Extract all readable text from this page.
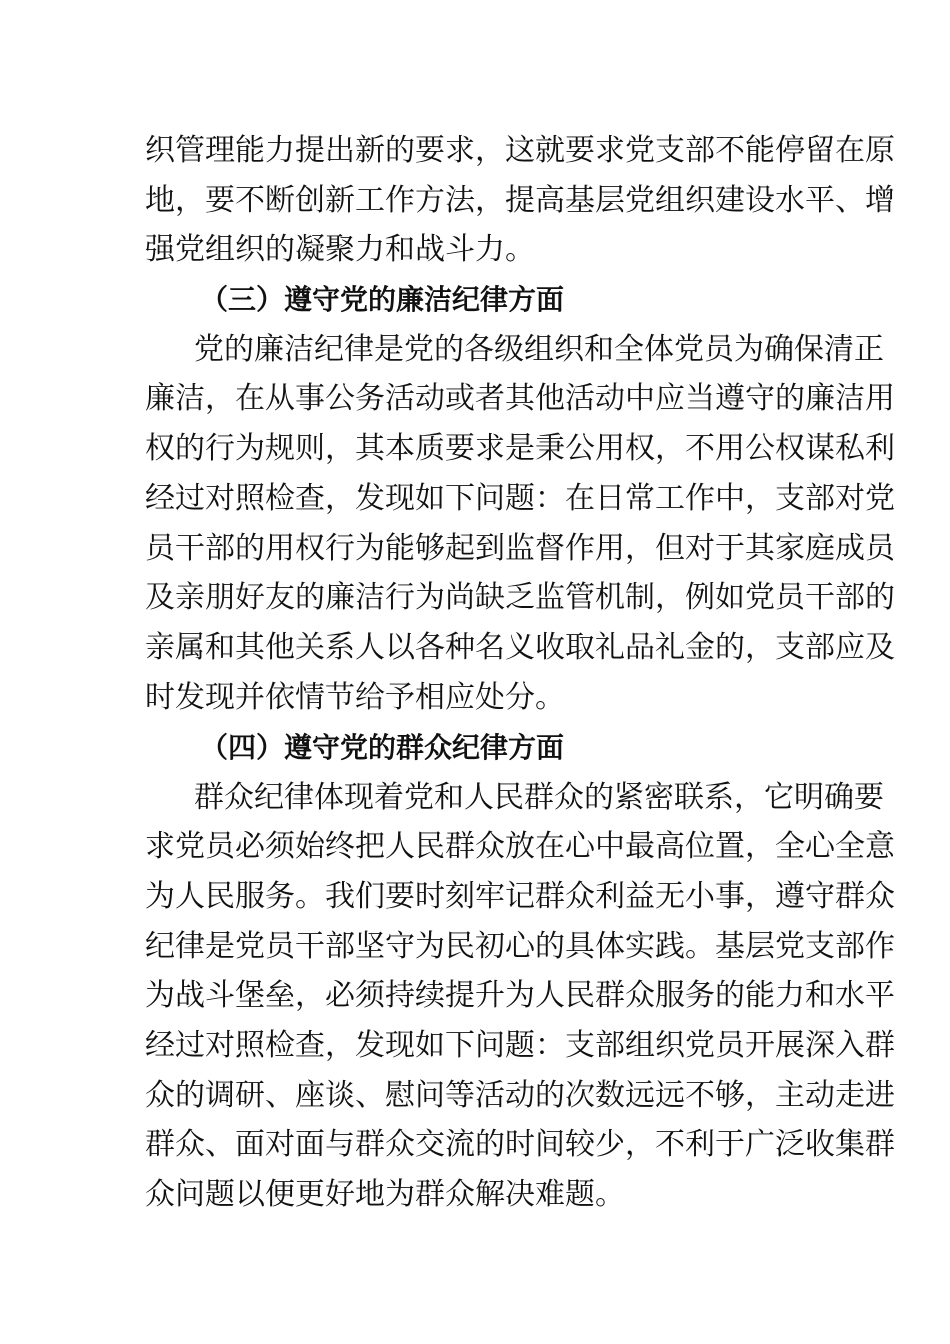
织管理能力提出新的要求，这就要求党支部不能停留在原
地，要不断创新工作方法，提高基层党组织建设水平、增
强党组织的凝聚力和战斗力。
（三）遵守党的廉洁纪律方面
党的廉洁纪律是党的各级组织和全体党员为确保清正
廉洁，在从事公务活动或者其他活动中应当遵守的廉洁用
权的行为规则，其本质要求是秉公用权，不用公权谋私利
经过对照检查，发现如下问题：在日常工作中，支部对党
员干部的用权行为能够起到监督作用，但对于其家庭成员
及亲朋好友的廉洁行为尚缺乏监管机制，例如党员干部的
亲属和其他关系人以各种名义收取礼品礼金的，支部应及
时发现并依情节给予相应处分。
（四）遵守党的群众纪律方面
群众纪律体现着党和人民群众的紧密联系，它明确要
求党员必须始终把人民群众放在心中最高位置，全心全意
为人民服务。我们要时刻牢记群众利益无小事，遵守群众
纪律是党员干部坚守为民初心的具体实践。基层党支部作
为战斗堡垒，必须持续提升为人民群众服务的能力和水平
经过对照检查，发现如下问题：支部组织党员开展深入群
众的调研、座谈、慰问等活动的次数远远不够，主动走进
群众、面对面与群众交流的时间较少，不利于广泛收集群
众问题以便更好地为群众解决难题。
